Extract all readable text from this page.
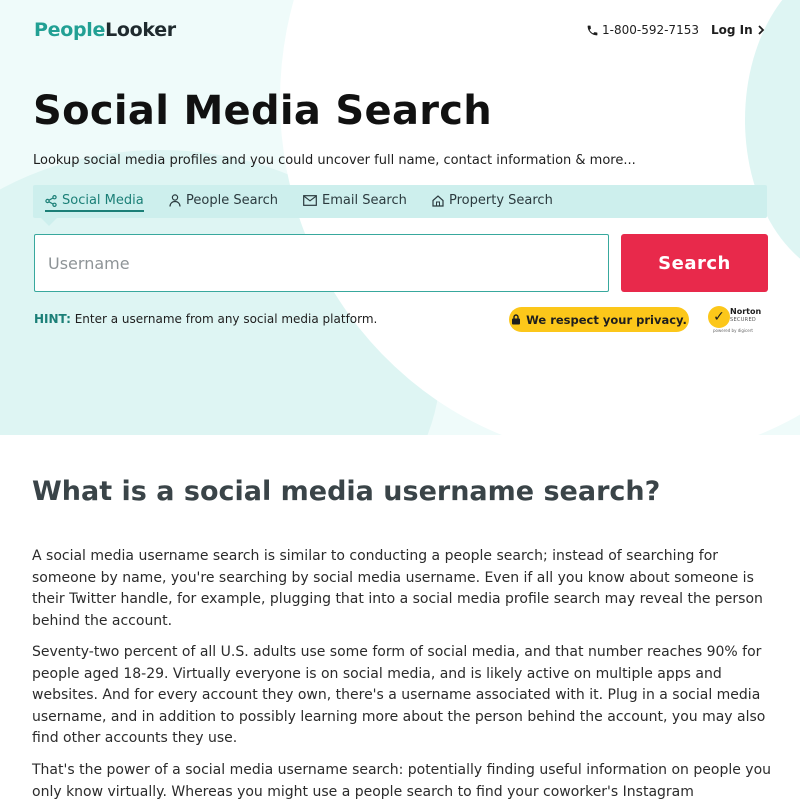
PeopleLooker	1-800-592-7153 Log In
Social Media Search
Lookup social media profiles and you could uncover full name, contact information & more...
Social Media	People Search	Email Search	Property Search
Username
Search
HINT: Enter a username from any social media platform.	We respect your privacy.	✓ Norton
SECURED
powered by digicert
What is a social media username search?

A social media username search is similar to conducting a people search; instead of searching for someone by name, you're searching by social media username. Even if all you know about someone is their Twitter handle, for example, plugging that into a social media profile search may reveal the person behind the account.

Seventy-two percent of all U.S. adults use some form of social media, and that number reaches 90% for people aged 18-29. Virtually everyone is on social media, and is likely active on multiple apps and websites. And for every account they own, there's a username associated with it. Plug in a social media username, and in addition to possibly learning more about the person behind the account, you may also find other accounts they use.

That's the power of a social media username search: potentially finding useful information on people you only know virtually. Whereas you might use a people search to find your coworker's Instagram
